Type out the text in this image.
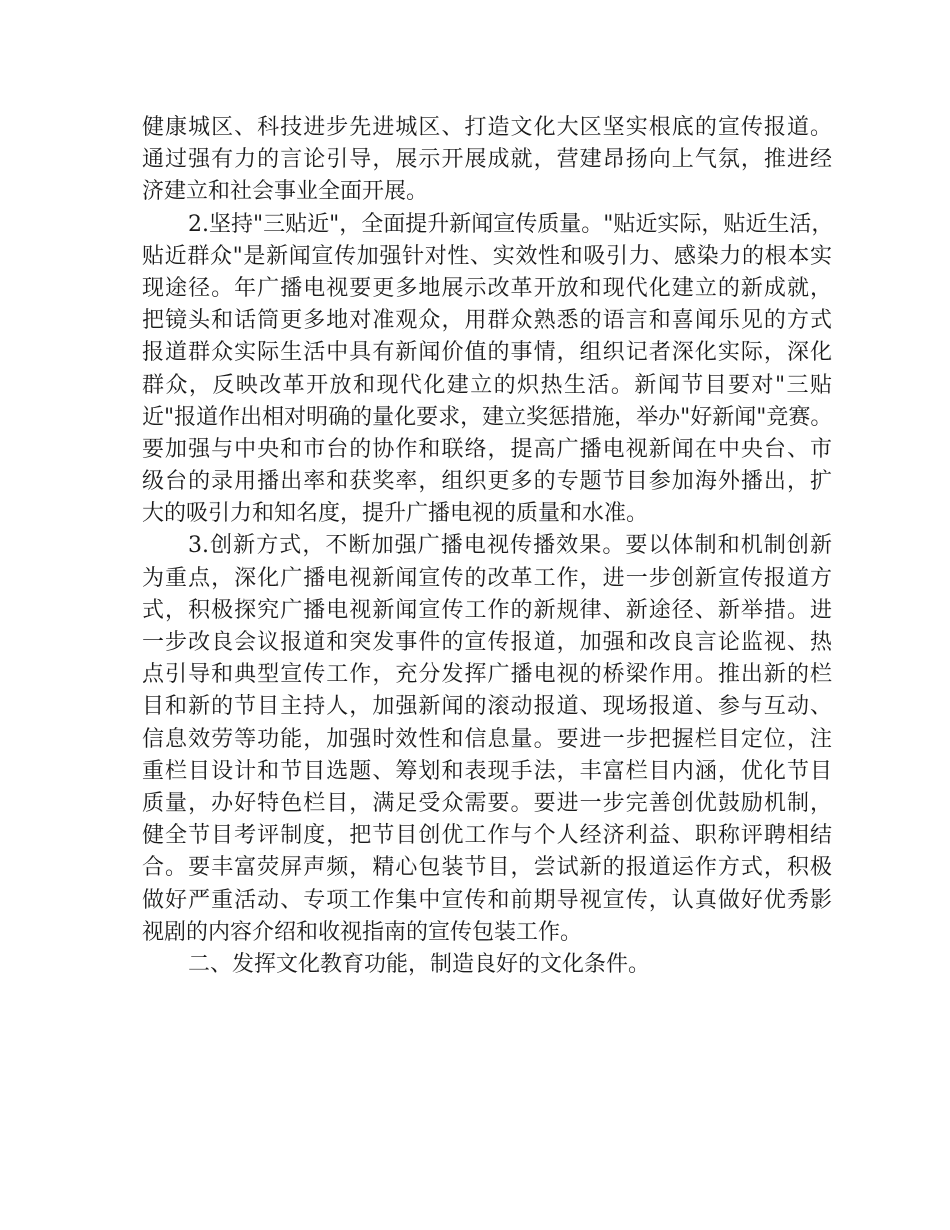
健康城区、科技进步先进城区、打造文化大区坚实根底的宣传报道。
通过强有力的言论引导，展示开展成就，营建昂扬向上气氛，推进经
济建立和社会事业全面开展。
2.坚持"三贴近"，全面提升新闻宣传质量。"贴近实际，贴近生活，
贴近群众"是新闻宣传加强针对性、实效性和吸引力、感染力的根本实
现途径。年广播电视要更多地展示改革开放和现代化建立的新成就，
把镜头和话筒更多地对准观众，用群众熟悉的语言和喜闻乐见的方式
报道群众实际生活中具有新闻价值的事情，组织记者深化实际，深化
群众，反映改革开放和现代化建立的炽热生活。新闻节目要对"三贴
近"报道作出相对明确的量化要求，建立奖惩措施，举办"好新闻"竞赛。
要加强与中央和市台的协作和联络，提高广播电视新闻在中央台、市
级台的录用播出率和获奖率，组织更多的专题节目参加海外播出，扩
大的吸引力和知名度，提升广播电视的质量和水准。
3.创新方式，不断加强广播电视传播效果。要以体制和机制创新
为重点，深化广播电视新闻宣传的改革工作，进一步创新宣传报道方
式，积极探究广播电视新闻宣传工作的新规律、新途径、新举措。进
一步改良会议报道和突发事件的宣传报道，加强和改良言论监视、热
点引导和典型宣传工作，充分发挥广播电视的桥梁作用。推出新的栏
目和新的节目主持人，加强新闻的滚动报道、现场报道、参与互动、
信息效劳等功能，加强时效性和信息量。要进一步把握栏目定位，注
重栏目设计和节目选题、筹划和表现手法，丰富栏目内涵，优化节目
质量，办好特色栏目，满足受众需要。要进一步完善创优鼓励机制，
健全节目考评制度，把节目创优工作与个人经济利益、职称评聘相结
合。要丰富荧屏声频，精心包装节目，尝试新的报道运作方式，积极
做好严重活动、专项工作集中宣传和前期导视宣传，认真做好优秀影
视剧的内容介绍和收视指南的宣传包装工作。
二、发挥文化教育功能，制造良好的文化条件。
